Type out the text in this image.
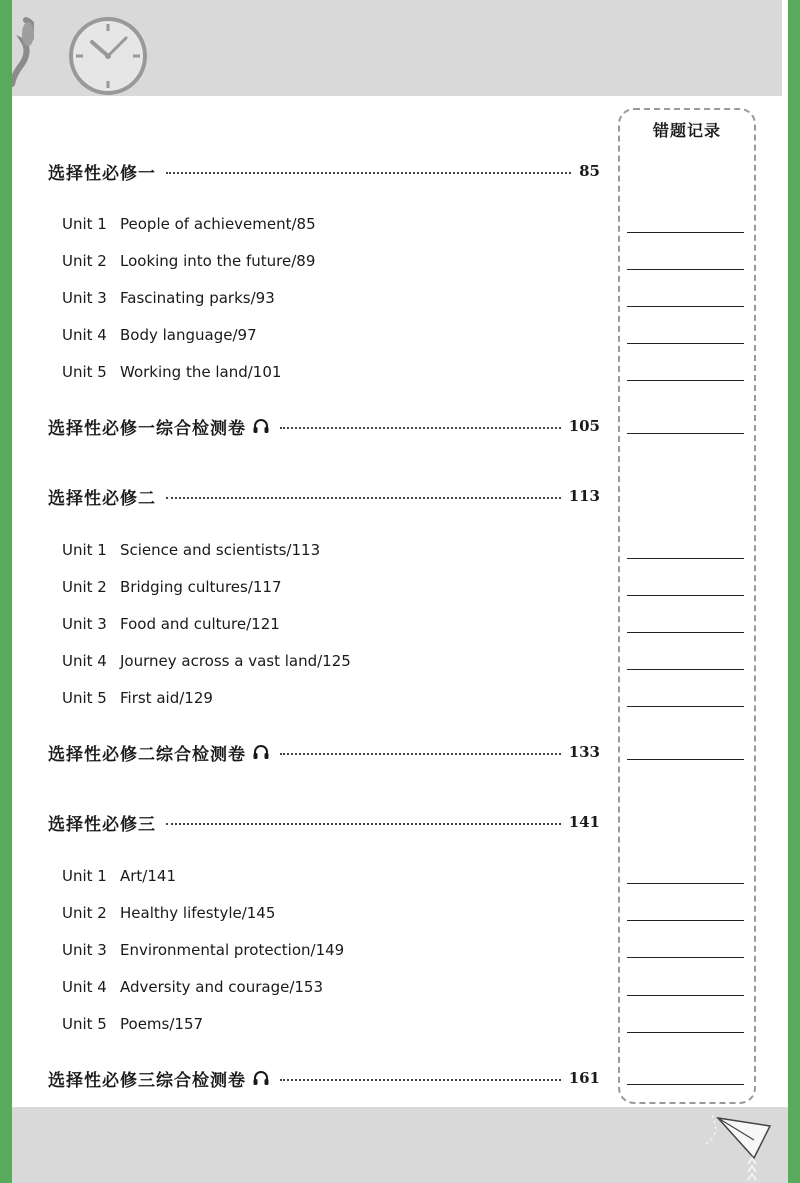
错题记录
选择性必修一	85
Unit 1 People of achievement/85
Unit 2 Looking into the future/89
Unit 3 Fascinating parks/93
Unit 4 Body language/97
Unit 5 Working the land/101
选择性必修一综合检测卷	105
选择性必修二	113
Unit 1 Science and scientists/113
Unit 2 Bridging cultures/117
Unit 3 Food and culture/121
Unit 4 Journey across a vast land/125
Unit 5 First aid/129
选择性必修二综合检测卷	133
选择性必修三	141
Unit 1 Art/141
Unit 2 Healthy lifestyle/145
Unit 3 Environmental protection/149
Unit 4 Adversity and courage/153
Unit 5 Poems/157
选择性必修三综合检测卷	161
